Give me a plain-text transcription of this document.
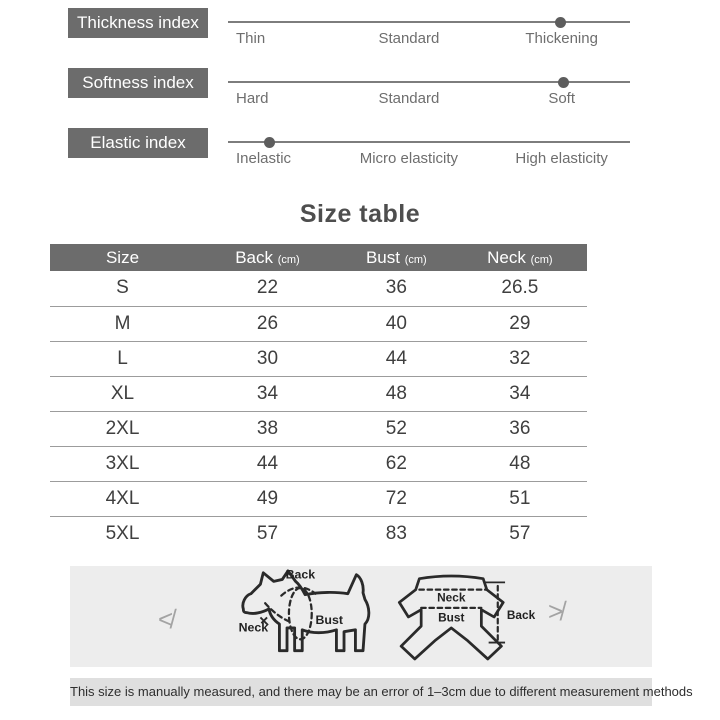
Thickness index
Thin	Standard	Thickening
Softness index
Hard	Standard	Soft
Elastic index
Inelastic	Micro elasticity	High elasticity
Size table
Size	Back (cm)	Bust (cm)	Neck (cm)
S	22	36	26.5
M	26	40	29
L	30	44	32
XL	34	48	34
2XL	38	52	36
3XL	44	62	48
4XL	49	72	51
5XL	57	83	57
≮
Back
Neck
Bust
Neck
Bust	Back ≯
This size is manually measured, and there may be an error of 1–3cm due to different measurement methods
